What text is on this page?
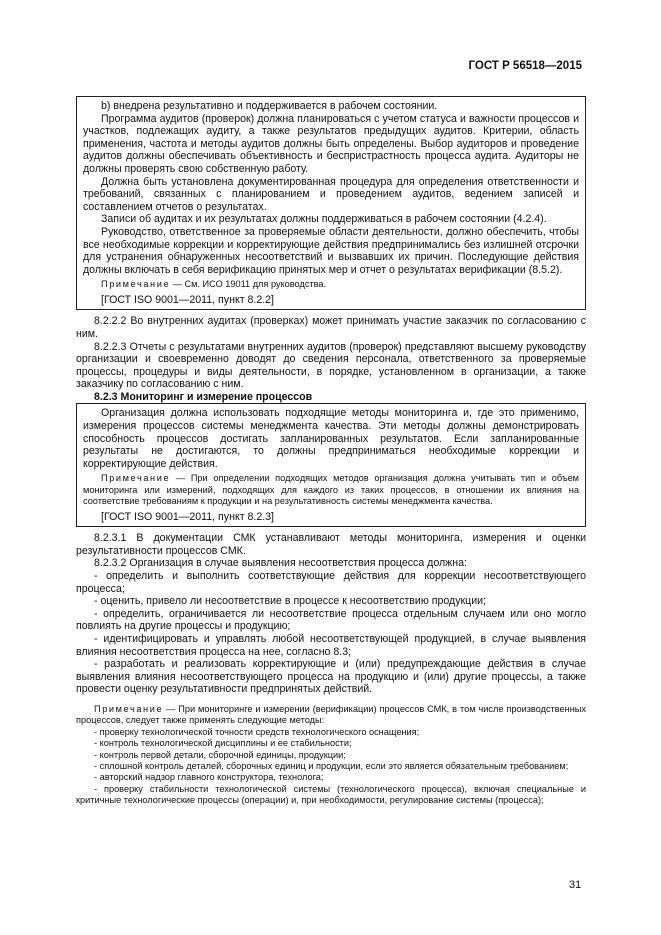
ГОСТ Р 56518—2015

b) внедрена результативно и поддерживается в рабочем состоянии.

Программа аудитов (проверок) должна планироваться с учетом статуса и важности процессов и участков, подлежащих аудиту, а также результатов предыдущих аудитов. Критерии, область применения, частота и методы аудитов должны быть определены. Выбор аудиторов и проведение аудитов должны обеспечивать объективность и беспристрастность процесса аудита. Аудиторы не должны проверять свою собственную работу.

Должна быть установлена документированная процедура для определения ответственности и требований, связанных с планированием и проведением аудитов, ведением записей и составлением отчетов о результатах.

Записи об аудитах и их результатах должны поддерживаться в рабочем состоянии (4.2.4).

Руководство, ответственное за проверяемые области деятельности, должно обеспечить, чтобы все необходимые коррекции и корректирующие действия предпринимались без излишней отсрочки для устранения обнаруженных несоответствий и вызвавших их причин. Последующие действия должны включать в себя верификацию принятых мер и отчет о результатах верификации (8.5.2).

Примечание — См. ИСО 19011 для руководства.

[ГОСТ ISO 9001—2011, пункт 8.2.2]

8.2.2.2 Во внутренних аудитах (проверках) может принимать участие заказчик по согласованию с ним.

8.2.2.3 Отчеты с результатами внутренних аудитов (проверок) представляют высшему руководству организации и своевременно доводят до сведения персонала, ответственного за проверяемые процессы, процедуры и виды деятельности, в порядке, установленном в организации, а также заказчику по согласованию с ним.

8.2.3 Мониторинг и измерение процессов

Организация должна использовать подходящие методы мониторинга и, где это применимо, измерения процессов системы менеджмента качества. Эти методы должны демонстрировать способность процессов достигать запланированных результатов. Если запланированные результаты не достигаются, то должны предприниматься необходимые коррекции и корректирующие действия.

Примечание — При определении подходящих методов организация должна учитывать тип и объем мониторинга или измерений, подходящих для каждого из таких процессов, в отношении их влияния на соответствие требованиям к продукции и на результативность системы менеджмента качества.

[ГОСТ ISO 9001—2011, пункт 8.2.3]

8.2.3.1 В документации СМК устанавливают методы мониторинга, измерения и оценки результативности процессов СМК.

8.2.3.2 Организация в случае выявления несоответствия процесса должна:

- определить и выполнить соответствующие действия для коррекции несоответствующего процесса;

- оценить, привело ли несоответствие в процессе к несоответствию продукции;

- определить, ограничивается ли несоответствие процесса отдельным случаем или оно могло повлиять на другие процессы и продукцию;

- идентифицировать и управлять любой несоответствующей продукцией, в случае выявления влияния несоответствия процесса на нее, согласно 8.3;

- разработать и реализовать корректирующие и (или) предупреждающие действия в случае выявления влияния несоответствующего процесса на продукцию и (или) другие процессы, а также провести оценку результативности предпринятых действий.

Примечание — При мониторинге и измерении (верификации) процессов СМК, в том числе производственных процессов, следует также применять следующие методы:

- проверку технологической точности средств технологического оснащения;

- контроль технологической дисциплины и ее стабильности;

- контроль первой детали, сборочной единицы, продукции;

- сплошной контроль деталей, сборочных единиц и продукции, если это является обязательным требованием;

- авторский надзор главного конструктора, технолога;

- проверку стабильности технологической системы (технологического процесса), включая специальные и критичные технологические процессы (операции) и, при необходимости, регулирование системы (процесса);

31
